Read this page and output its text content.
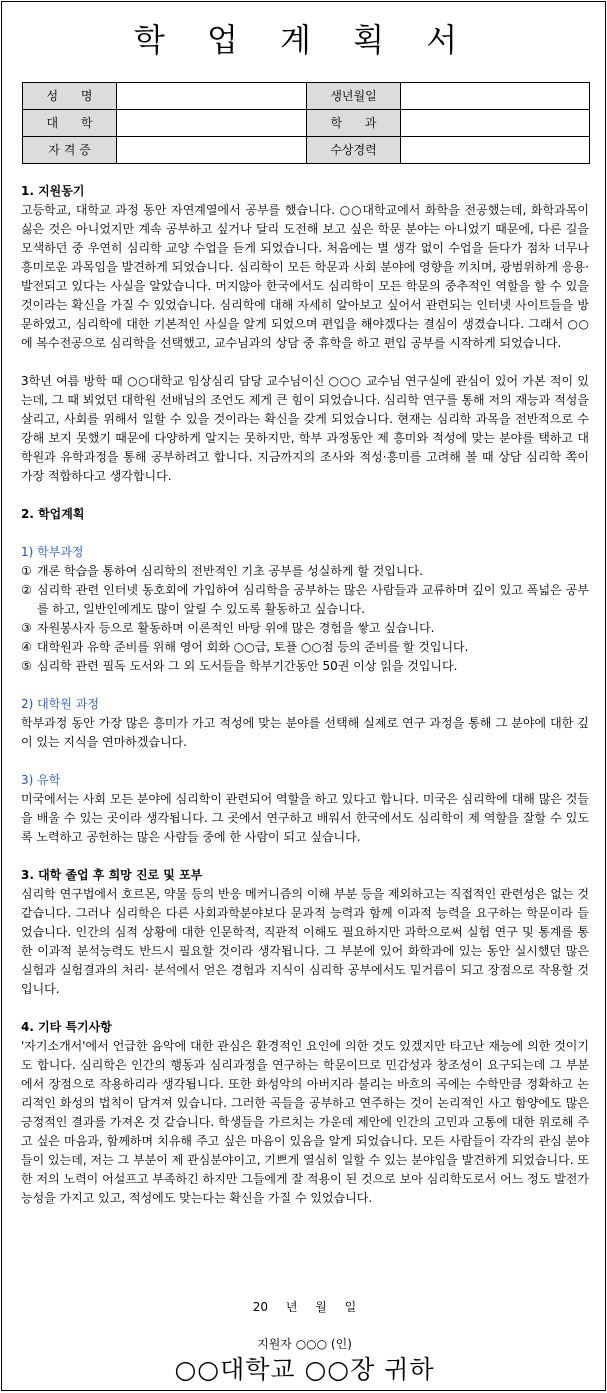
학 업 계 획 서
성      명		생년월일	
대      학		학      과	
자 격 증		수상경력	

1. 지원동기

고등학교, 대학교 과정 동안 자연계열에서 공부를 했습니다. ○○대학교에서 화학을 전공했는데, 화학과목이 싫은 것은 아니었지만 계속 공부하고 싶거나 달리 도전해 보고 싶은 학문 분야는 아니었기 때문에, 다른 길을 모색하던 중 우연히 심리학 교양 수업을 듣게 되었습니다. 처음에는 별 생각 없이 수업을 듣다가 점차 너무나 흥미로운 과목임을 발견하게 되었습니다. 심리학이 모든 학문과 사회 분야에 영향을 끼치며, 광범위하게 응용·발전되고 있다는 사실을 알았습니다. 머지않아 한국에서도 심리학이 모든 학문의 중추적인 역할을 할 수 있을 것이라는 확신을 가질 수 있었습니다. 심리학에 대해 자세히 알아보고 싶어서 관련되는 인터넷 사이트들을 방문하였고, 심리학에 대한 기본적인 사실을 알게 되었으며 편입을 해야겠다는 결심이 생겼습니다. 그래서 ○○에 복수전공으로 심리학을 선택했고, 교수님과의 상담 중 휴학을 하고 편입 공부를 시작하게 되었습니다.

3학년 여름 방학 때 ○○대학교 임상심리 담당 교수님이신 ○○○ 교수님 연구실에 관심이 있어 가본 적이 있는데, 그 때 뵈었던 대학원 선배님의 조언도 제게 큰 힘이 되었습니다. 심리학 연구를 통해 저의 재능과 적성을 살리고, 사회를 위해서 일할 수 있을 것이라는 확신을 갖게 되었습니다. 현재는 심리학 과목을 전반적으로 수강해 보지 못했기 때문에 다양하게 알지는 못하지만, 학부 과정동안 제 흥미와 적성에 맞는 분야를 택하고 대학원과 유학과정을 통해 공부하려고 합니다. 지금까지의 조사와 적성·흥미를 고려해 볼 때 상담 심리학 쪽이 가장 적합하다고 생각합니다.

2. 학업계획

1) 학부과정

① 개론 학습을 통하여 심리학의 전반적인 기초 공부를 성실하게 할 것입니다.
② 심리학 관련 인터넷 동호회에 가입하여 심리학을 공부하는 많은 사람들과 교류하며 깊이 있고 폭넓은 공부를 하고, 일반인에게도 많이 알릴 수 있도록 활동하고 싶습니다.
③ 자원봉사자 등으로 활동하며 이론적인 바탕 위에 많은 경험을 쌓고 싶습니다.
④ 대학원과 유학 준비를 위해 영어 회화 ○○급, 토플 ○○점 등의 준비를 할 것입니다.
⑤ 심리학 관련 필독 도서와 그 외 도서들을 학부기간동안 50권 이상 읽을 것입니다.

2) 대학원 과정

학부과정 동안 가장 많은 흥미가 가고 적성에 맞는 분야를 선택해 실제로 연구 과정을 통해 그 분야에 대한 깊이 있는 지식을 연마하겠습니다.

3) 유학

미국에서는 사회 모든 분야에 심리학이 관련되어 역할을 하고 있다고 합니다. 미국은 심리학에 대해 많은 것들을 배울 수 있는 곳이라 생각됩니다. 그 곳에서 연구하고 배워서 한국에서도 심리학이 제 역할을 잘할 수 있도록 노력하고 공헌하는 많은 사람들 중에 한 사람이 되고 싶습니다.

3. 대학 졸업 후 희망 진로 및 포부

심리학 연구법에서 호르몬, 약물 등의 반응 메커니즘의 이해 부분 등을 제외하고는 직접적인 관련성은 없는 것 같습니다. 그러나 심리학은 다른 사회과학분야보다 문과적 능력과 함께 이과적 능력을 요구하는 학문이라 들었습니다. 인간의 심적 상황에 대한 인문학적, 직관적 이해도 필요하지만 과학으로써 실험 연구 및 통계를 통한 이과적 분석능력도 반드시 필요할 것이라 생각됩니다. 그 부분에 있어 화학과에 있는 동안 실시했던 많은 실험과 실험결과의 처리· 분석에서 얻은 경험과 지식이 심리학 공부에서도 밑거름이 되고 장점으로 작용할 것입니다.

4. 기타 특기사항

'자기소개서'에서 언급한 음악에 대한 관심은 환경적인 요인에 의한 것도 있겠지만 타고난 재능에 의한 것이기도 합니다. 심리학은 인간의 행동과 심리과정을 연구하는 학문이므로 민감성과 창조성이 요구되는데 그 부분에서 장점으로 작용하리라 생각됩니다. 또한 화성악의 아버지라 불리는 바흐의 곡에는 수학만큼 정확하고 논리적인 화성의 법칙이 담겨져 있습니다. 그러한 곡들을 공부하고 연주하는 것이 논리적인 사고 함양에도 많은 긍정적인 결과를 가져온 것 같습니다. 학생들을 가르치는 가운데 제안에 인간의 고민과 고통에 대한 위로해 주고 싶은 마음과, 함께하며 치유해 주고 싶은 마음이 있음을 알게 되었습니다. 모든 사람들이 각각의 관심 분야들이 있는데, 저는 그 부분이 제 관심분야이고, 기쁘게 열심히 일할 수 있는 분야임을 발견하게 되었습니다. 또한 저의 노력이 어설프고 부족하긴 하지만 그들에게 잘 적용이 된 것으로 보아 심리학도로서 어느 정도 발전가능성을 가지고 있고, 적성에도 맞는다는 확신을 가질 수 있었습니다.

20 년 월 일
지원자 ○○○ (인)
○○대학교 ○○장 귀하
